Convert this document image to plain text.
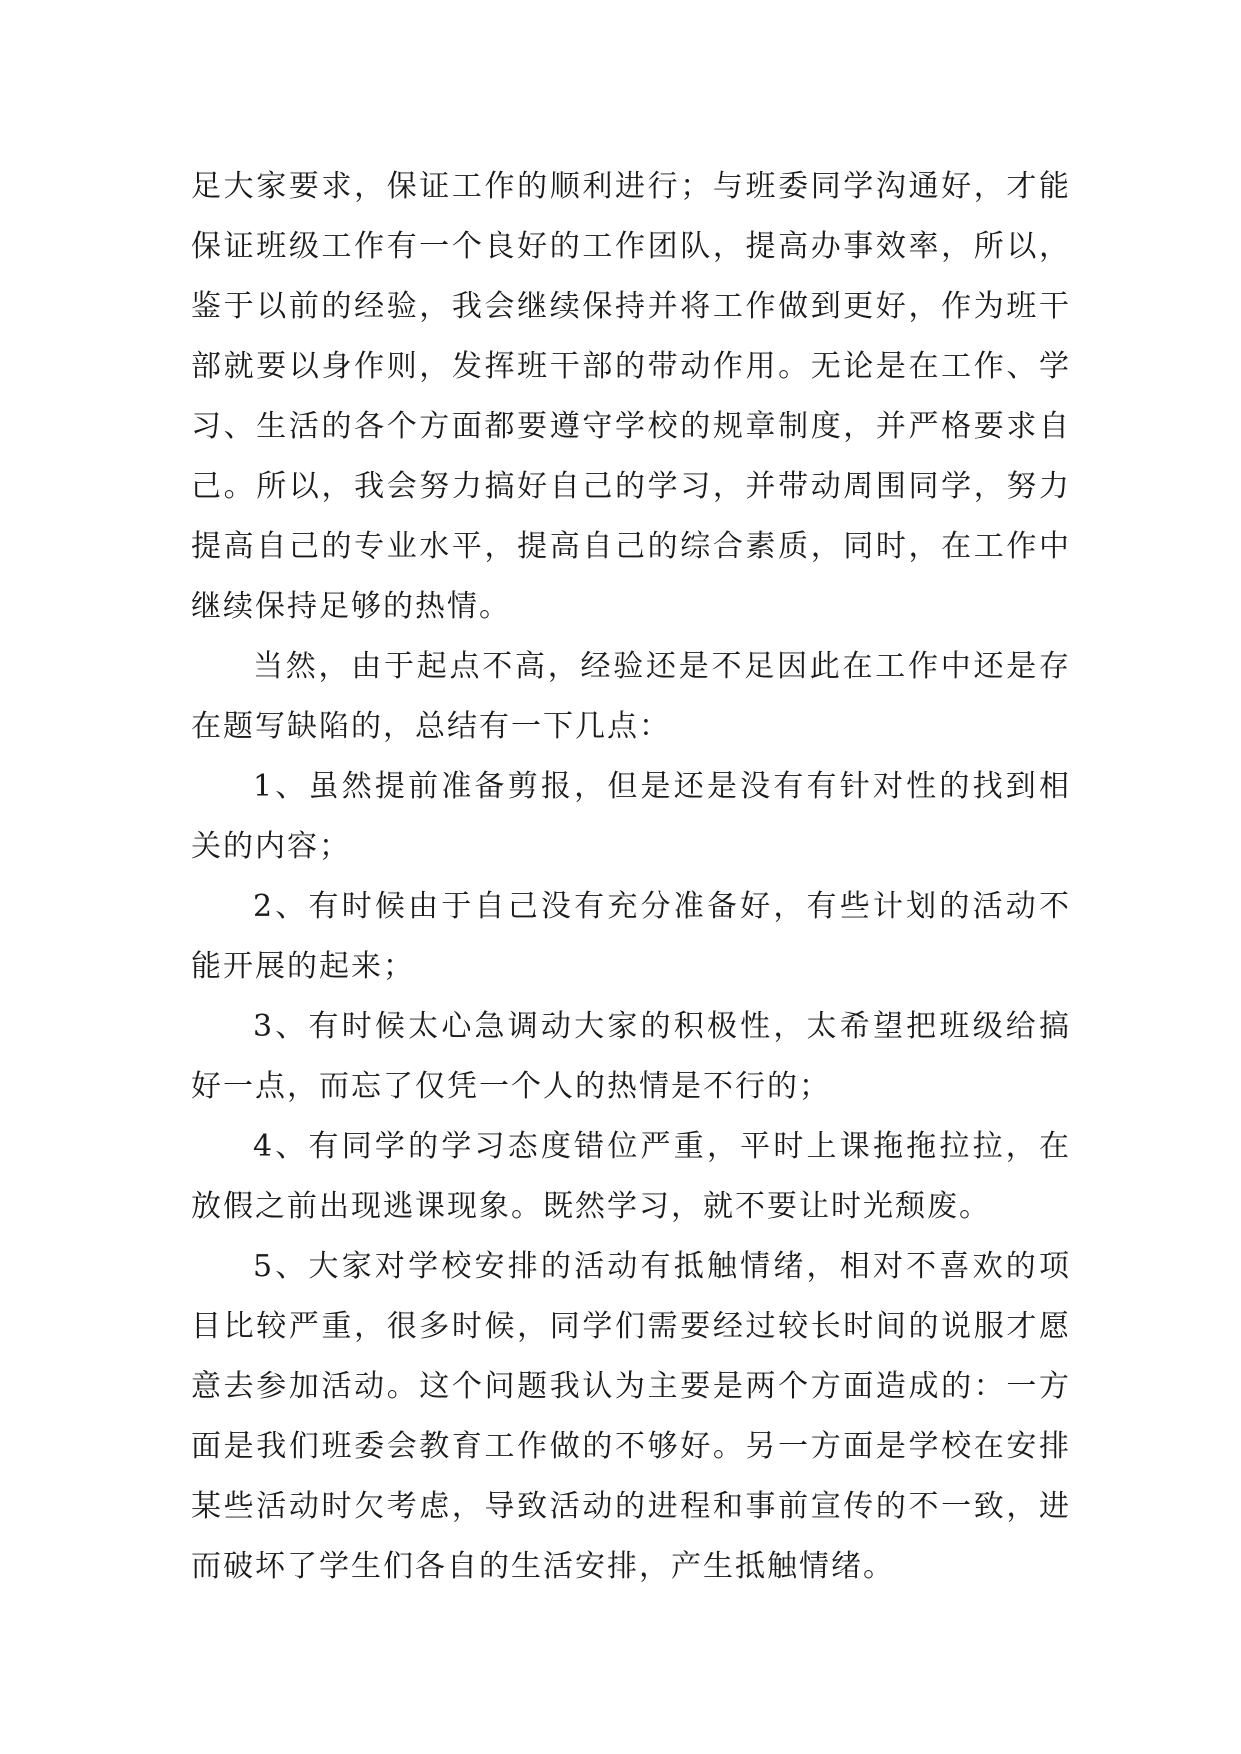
足大家要求，保证工作的顺利进行；与班委同学沟通好，才能保证班级工作有一个良好的工作团队，提高办事效率，所以，鉴于以前的经验，我会继续保持并将工作做到更好，作为班干部就要以身作则，发挥班干部的带动作用。无论是在工作、学习、生活的各个方面都要遵守学校的规章制度，并严格要求自己。所以，我会努力搞好自己的学习，并带动周围同学，努力提高自己的专业水平，提高自己的综合素质，同时，在工作中继续保持足够的热情。

当然，由于起点不高，经验还是不足因此在工作中还是存在题写缺陷的，总结有一下几点：

1、虽然提前准备剪报，但是还是没有有针对性的找到相关的内容；

2、有时候由于自己没有充分准备好，有些计划的活动不能开展的起来；

3、有时候太心急调动大家的积极性，太希望把班级给搞好一点，而忘了仅凭一个人的热情是不行的；

4、有同学的学习态度错位严重，平时上课拖拖拉拉，在放假之前出现逃课现象。既然学习，就不要让时光颓废。

5、大家对学校安排的活动有抵触情绪，相对不喜欢的项目比较严重，很多时候，同学们需要经过较长时间的说服才愿意去参加活动。这个问题我认为主要是两个方面造成的：一方面是我们班委会教育工作做的不够好。另一方面是学校在安排某些活动时欠考虑，导致活动的进程和事前宣传的不一致，进而破坏了学生们各自的生活安排，产生抵触情绪。
